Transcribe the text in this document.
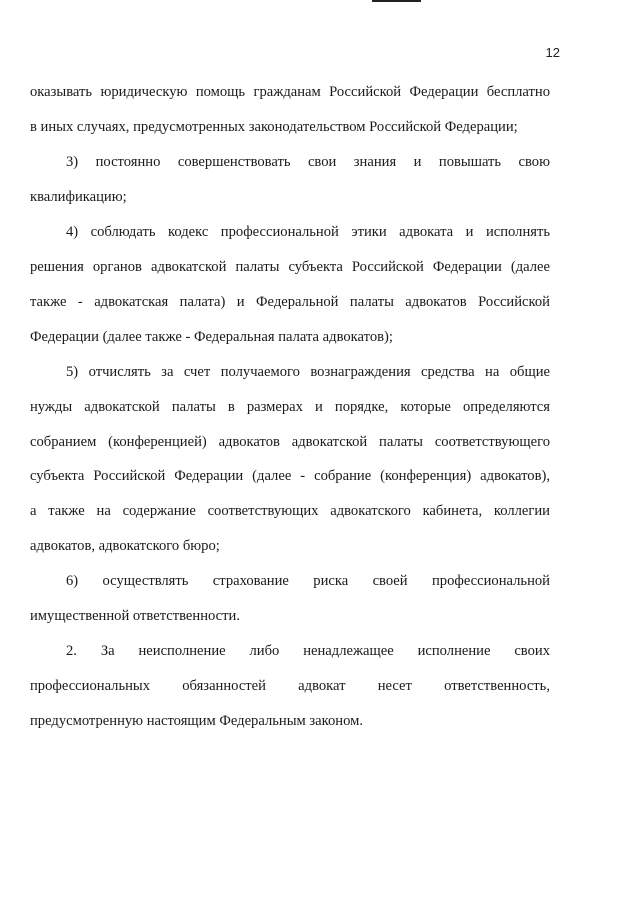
12
оказывать юридическую помощь гражданам Российской Федерации бесплатно
в иных случаях, предусмотренных законодательством Российской Федерации;
3) постоянно совершенствовать свои знания и повышать свою
квалификацию;
4) соблюдать кодекс профессиональной этики адвоката и исполнять
решения органов адвокатской палаты субъекта Российской Федерации (далее
также - адвокатская палата) и Федеральной палаты адвокатов Российской
Федерации (далее также - Федеральная палата адвокатов);
5) отчислять за счет получаемого вознаграждения средства на общие
нужды адвокатской палаты в размерах и порядке, которые определяются
собранием (конференцией) адвокатов адвокатской палаты соответствующего
субъекта Российской Федерации (далее - собрание (конференция) адвокатов),
а также на содержание соответствующих адвокатского кабинета, коллегии
адвокатов, адвокатского бюро;
6) осуществлять страхование риска своей профессиональной
имущественной ответственности.
2. За неисполнение либо ненадлежащее исполнение своих
профессиональных обязанностей адвокат несет ответственность,
предусмотренную настоящим Федеральным законом.
